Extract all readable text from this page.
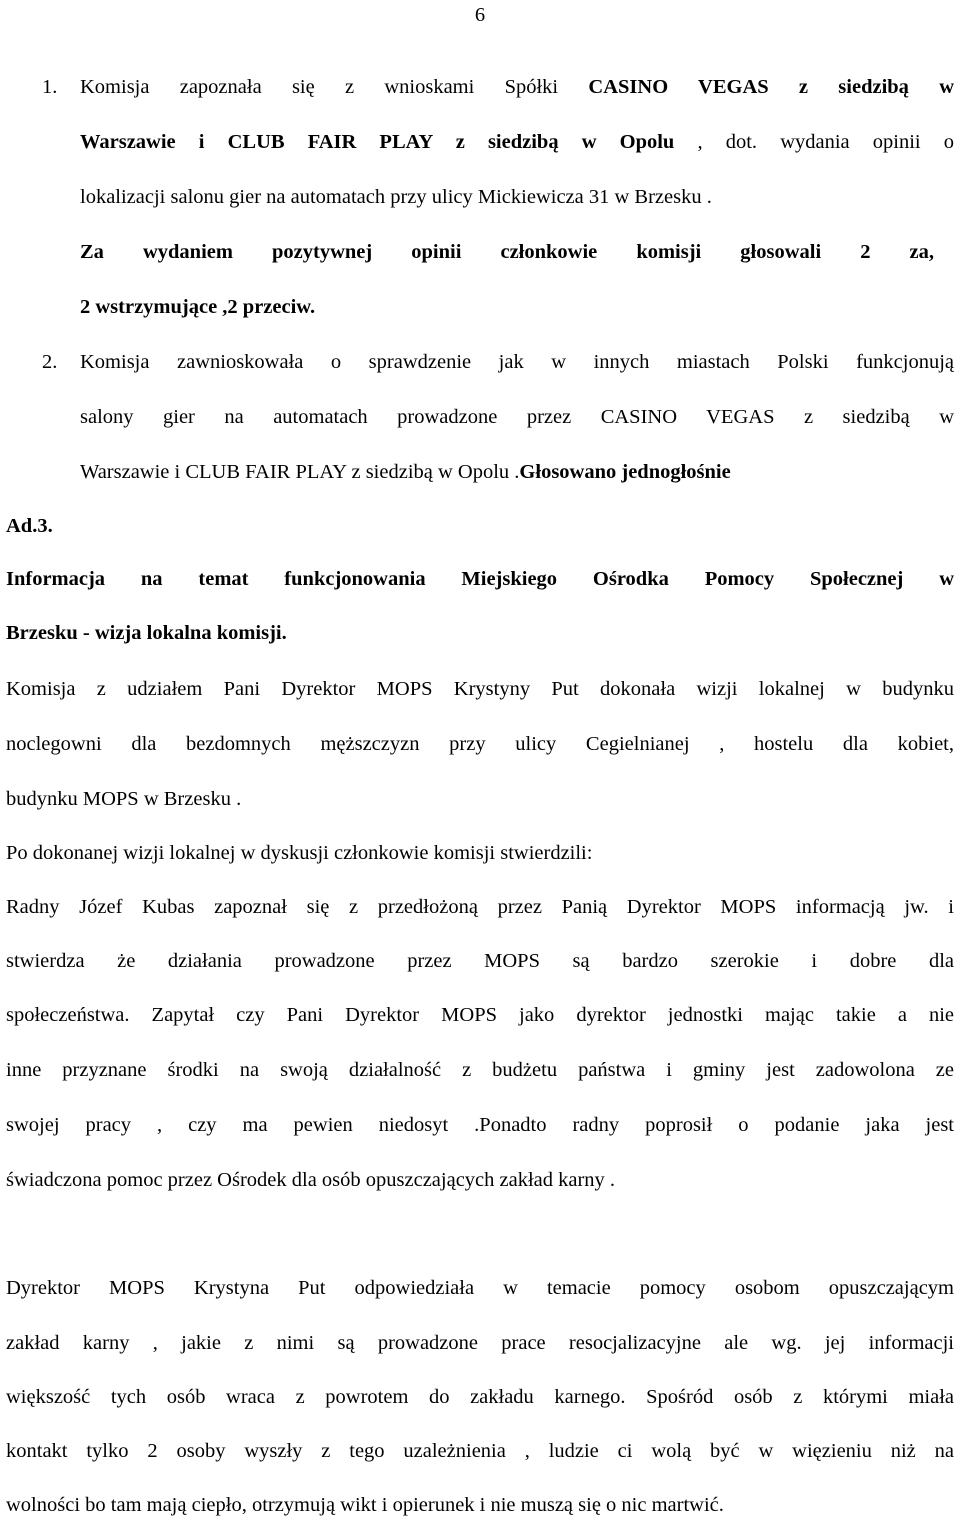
6
1. Komisja zapoznała się z wnioskami Spółki CASINO VEGAS z siedzibą w
Warszawie i CLUB FAIR PLAY z siedzibą w Opolu , dot. wydania opinii o
lokalizacji salonu gier na automatach przy ulicy Mickiewicza 31 w Brzesku .
Za wydaniem pozytywnej opinii członkowie komisji głosowali 2 za,
2 wstrzymujące ,2 przeciw.
2. Komisja zawnioskowała o sprawdzenie jak w innych miastach Polski funkcjonują
salony gier na automatach prowadzone przez CASINO VEGAS z siedzibą w
Warszawie i CLUB FAIR PLAY z siedzibą w Opolu .Głosowano jednogłośnie
Ad.3.
Informacja na temat funkcjonowania Miejskiego Ośrodka Pomocy Społecznej w
Brzesku - wizja lokalna komisji.
Komisja z udziałem Pani Dyrektor MOPS Krystyny Put dokonała wizji lokalnej w budynku
noclegowni dla bezdomnych męższczyzn przy ulicy Cegielnianej , hostelu dla kobiet,
budynku MOPS w Brzesku .
Po dokonanej wizji lokalnej w dyskusji członkowie komisji stwierdzili:
Radny Józef Kubas zapoznał się z przedłożoną przez Panią Dyrektor MOPS informacją jw. i
stwierdza że działania prowadzone przez MOPS są bardzo szerokie i dobre dla
społeczeństwa. Zapytał czy Pani Dyrektor MOPS jako dyrektor jednostki mając takie a nie
inne przyznane środki na swoją działalność z budżetu państwa i gminy jest zadowolona ze
swojej pracy , czy ma pewien niedosyt .Ponadto radny poprosił o podanie jaka jest
świadczona pomoc przez Ośrodek dla osób opuszczających zakład karny .
Dyrektor MOPS Krystyna Put odpowiedziała w temacie pomocy osobom opuszczającym
zakład karny , jakie z nimi są prowadzone prace resocjalizacyjne ale wg. jej informacji
większość tych osób wraca z powrotem do zakładu karnego. Spośród osób z którymi miała
kontakt tylko 2 osoby wyszły z tego uzależnienia , ludzie ci wolą być w więzieniu niż na
wolności bo tam mają ciepło, otrzymują wikt i opierunek i nie muszą się o nic martwić.
